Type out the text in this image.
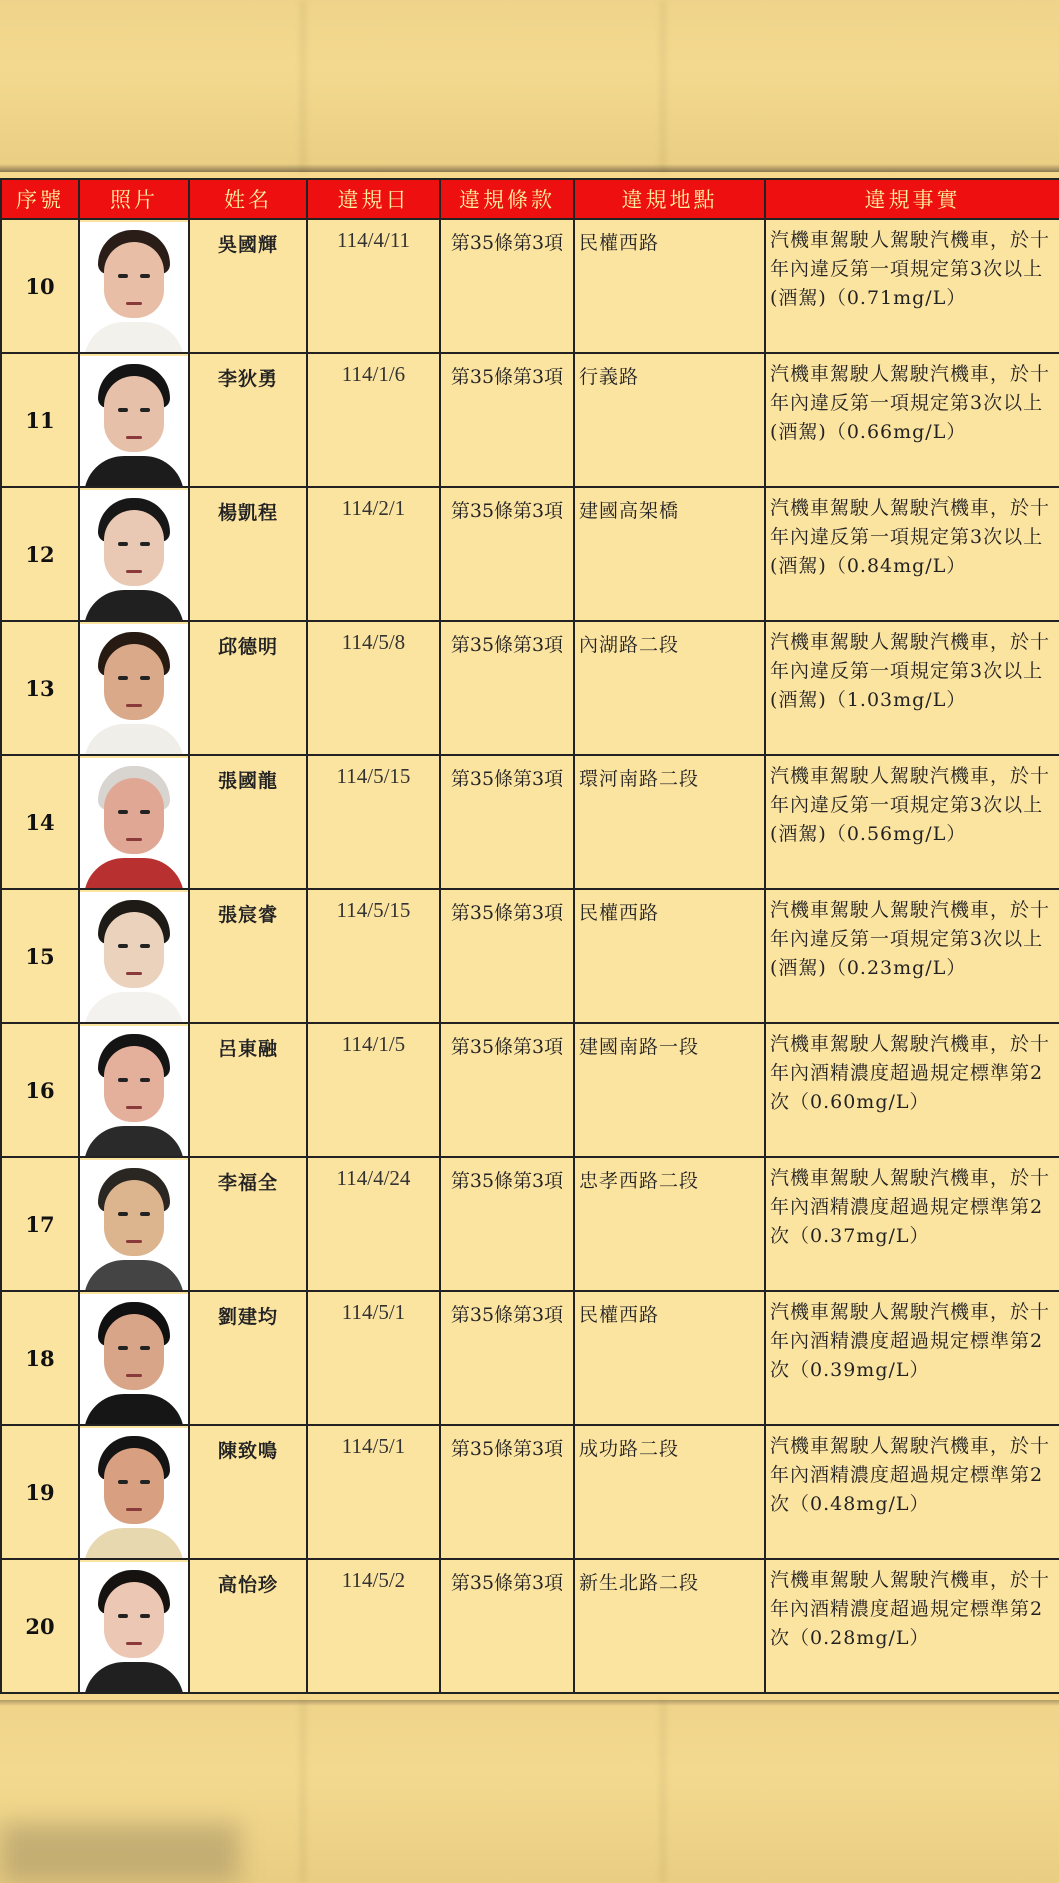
序號	照片	姓名	違規日	違規條款	違規地點	違規事實
10		吳國輝	114/4/11	第35條第3項	民權西路	汽機車駕駛人駕駛汽機車，於十年內違反第一項規定第3次以上(酒駕)（0.71mg/L）
11		李狄勇	114/1/6	第35條第3項	行義路	汽機車駕駛人駕駛汽機車，於十年內違反第一項規定第3次以上(酒駕)（0.66mg/L）
12		楊凱程	114/2/1	第35條第3項	建國高架橋	汽機車駕駛人駕駛汽機車，於十年內違反第一項規定第3次以上(酒駕)（0.84mg/L）
13		邱德明	114/5/8	第35條第3項	內湖路二段	汽機車駕駛人駕駛汽機車，於十年內違反第一項規定第3次以上(酒駕)（1.03mg/L）
14		張國龍	114/5/15	第35條第3項	環河南路二段	汽機車駕駛人駕駛汽機車，於十年內違反第一項規定第3次以上(酒駕)（0.56mg/L）
15		張宸睿	114/5/15	第35條第3項	民權西路	汽機車駕駛人駕駛汽機車，於十年內違反第一項規定第3次以上(酒駕)（0.23mg/L）
16		呂東融	114/1/5	第35條第3項	建國南路一段	汽機車駕駛人駕駛汽機車，於十年內酒精濃度超過規定標準第2次（0.60mg/L）
17		李福全	114/4/24	第35條第3項	忠孝西路二段	汽機車駕駛人駕駛汽機車，於十年內酒精濃度超過規定標準第2次（0.37mg/L）
18		劉建均	114/5/1	第35條第3項	民權西路	汽機車駕駛人駕駛汽機車，於十年內酒精濃度超過規定標準第2次（0.39mg/L）
19		陳致鳴	114/5/1	第35條第3項	成功路二段	汽機車駕駛人駕駛汽機車，於十年內酒精濃度超過規定標準第2次（0.48mg/L）
20		高怡珍	114/5/2	第35條第3項	新生北路二段	汽機車駕駛人駕駛汽機車，於十年內酒精濃度超過規定標準第2次（0.28mg/L）
